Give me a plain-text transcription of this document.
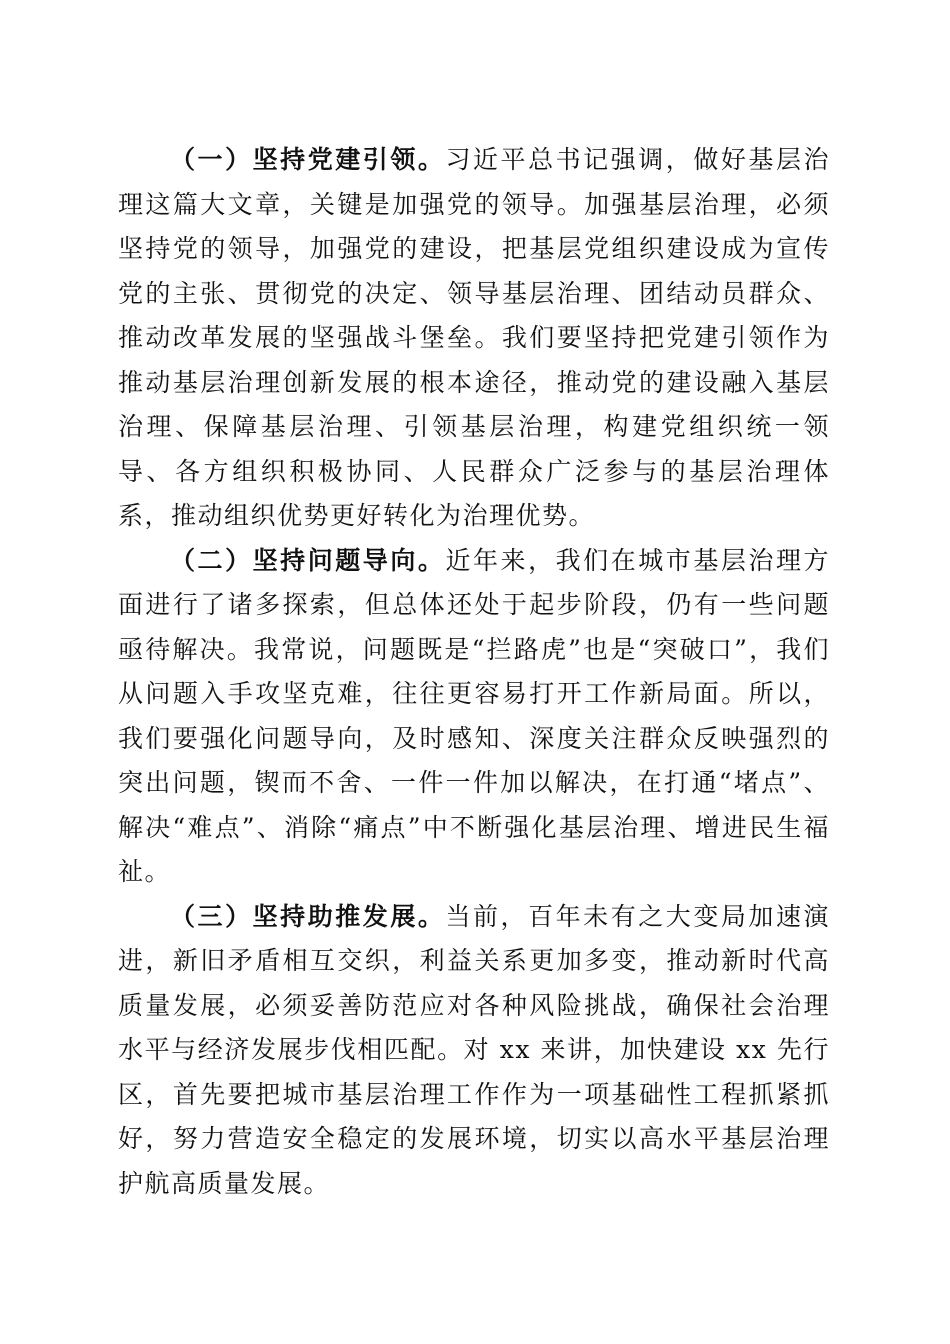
（一）坚持党建引领。习近平总书记强调，做好基层治理这篇大文章，关键是加强党的领导。加强基层治理，必须坚持党的领导，加强党的建设，把基层党组织建设成为宣传党的主张、贯彻党的决定、领导基层治理、团结动员群众、推动改革发展的坚强战斗堡垒。我们要坚持把党建引领作为推动基层治理创新发展的根本途径，推动党的建设融入基层治理、保障基层治理、引领基层治理，构建党组织统一领导、各方组织积极协同、人民群众广泛参与的基层治理体系，推动组织优势更好转化为治理优势。

（二）坚持问题导向。近年来，我们在城市基层治理方面进行了诸多探索，但总体还处于起步阶段，仍有一些问题亟待解决。我常说，问题既是“拦路虎”也是“突破口”，我们从问题入手攻坚克难，往往更容易打开工作新局面。所以，我们要强化问题导向，及时感知、深度关注群众反映强烈的突出问题，锲而不舍、一件一件加以解决，在打通“堵点”、解决“难点”、消除“痛点”中不断强化基层治理、增进民生福祉。

（三）坚持助推发展。当前，百年未有之大变局加速演进，新旧矛盾相互交织，利益关系更加多变，推动新时代高质量发展，必须妥善防范应对各种风险挑战，确保社会治理水平与经济发展步伐相匹配。对 xx 来讲，加快建设 xx 先行区，首先要把城市基层治理工作作为一项基础性工程抓紧抓好，努力营造安全稳定的发展环境，切实以高水平基层治理护航高质量发展。
